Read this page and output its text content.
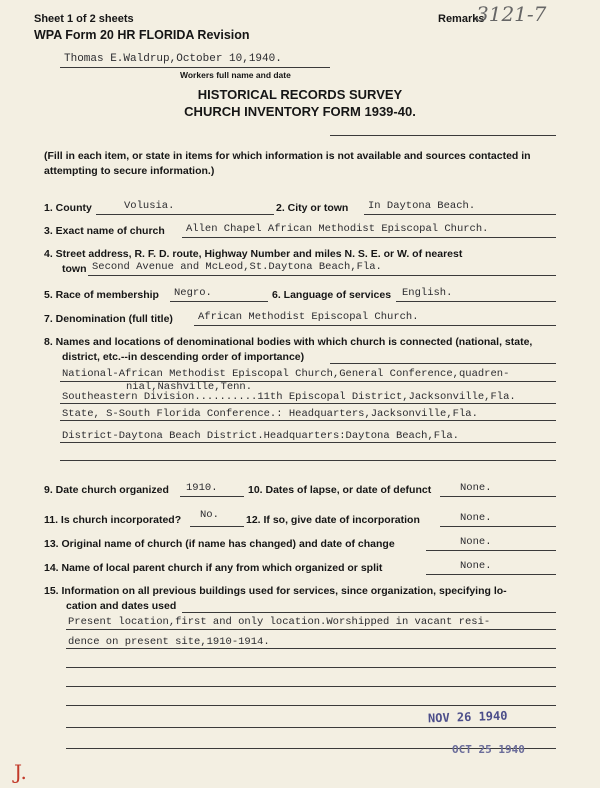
Sheet 1 of 2 sheets
WPA Form 20 HR FLORIDA Revision
Remarks
3121-7
Thomas E.Waldrup,October 10,1940.
Workers full name and date
HISTORICAL RECORDS SURVEY
CHURCH INVENTORY FORM 1939-40.
(Fill in each item, or state in items for which information is not available and sources contacted in attempting to secure information.)
1. County	Volusia.	2. City or town In Daytona Beach.
3. Exact name of church Allen Chapel African Methodist Episcopal Church.
4. Street address, R. F. D. route, Highway Number and miles N. S. E. or W. of nearest
town Second Avenue and McLeod,St.Daytona Beach,Fla.
5. Race of membership Negro.	6. Language of services English.
7. Denomination (full title) African Methodist Episcopal Church.
8. Names and locations of denominational bodies with which church is connected (national, state,
district, etc.--in descending order of importance)
National-African Methodist Episcopal Church,General Conference,quadren-
nial,Nashville,Tenn.
Southeastern Division..........11th Episcopal District,Jacksonville,Fla.
State, S-South Florida Conference.: Headquarters,Jacksonville,Fla.
District-Daytona Beach District.Headquarters:Daytona Beach,Fla.
9. Date church organized 1910.	10. Dates of lapse, or date of defunct	None.
11. Is church incorporated? No.	12. If so, give date of incorporation	None.
13. Original name of church (if name has changed) and date of change	None.
14. Name of local parent church if any from which organized or split	None.
15. Information on all previous buildings used for services, since organization, specifying lo-
cation and dates used
Present location,first and only location.Worshipped in vacant resi-
dence on present site,1910-1914.
NOV 26 1940
OCT 25 1940
J.
